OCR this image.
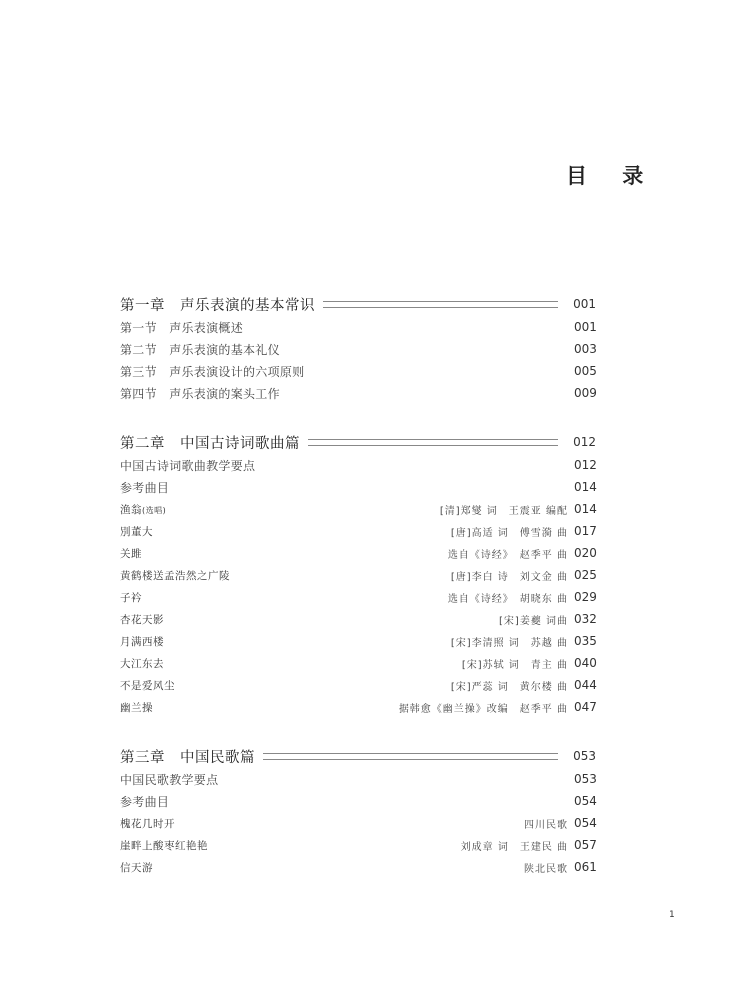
目 录
第一章　声乐表演的基本常识	001
第一节　声乐表演概述	001
第二节　声乐表演的基本礼仪	003
第三节　声乐表演设计的六项原则	005
第四节　声乐表演的案头工作	009
第二章　中国古诗词歌曲篇	012
中国古诗词歌曲教学要点	012
参考曲目	014
渔翁(选唱)	[清]郑燮 词　王震亚 编配 014
別董大	[唐]高适 词　傅雪漪 曲 017
关雎	选自《诗经》　赵季平 曲 020
黄鹤楼送孟浩然之广陵	[唐]李白 诗　刘文金 曲 025
子衿	选自《诗经》　胡晓东 曲 029
杏花天影	[宋]姜夔 词曲 032
月满西楼	[宋]李清照 词　苏越 曲 035
大江东去	[宋]苏轼 词　青主 曲 040
不是爱风尘	[宋]严蕊 词　黄尔楼 曲 044
幽兰操	据韩愈《幽兰操》改编　赵季平 曲 047
第三章　中国民歌篇	053
中国民歌教学要点	053
参考曲目	054
槐花几时开	四川民歌 054
崖畔上酸枣红艳艳	刘成章 词　王建民 曲 057
信天游	陕北民歌 061
1
